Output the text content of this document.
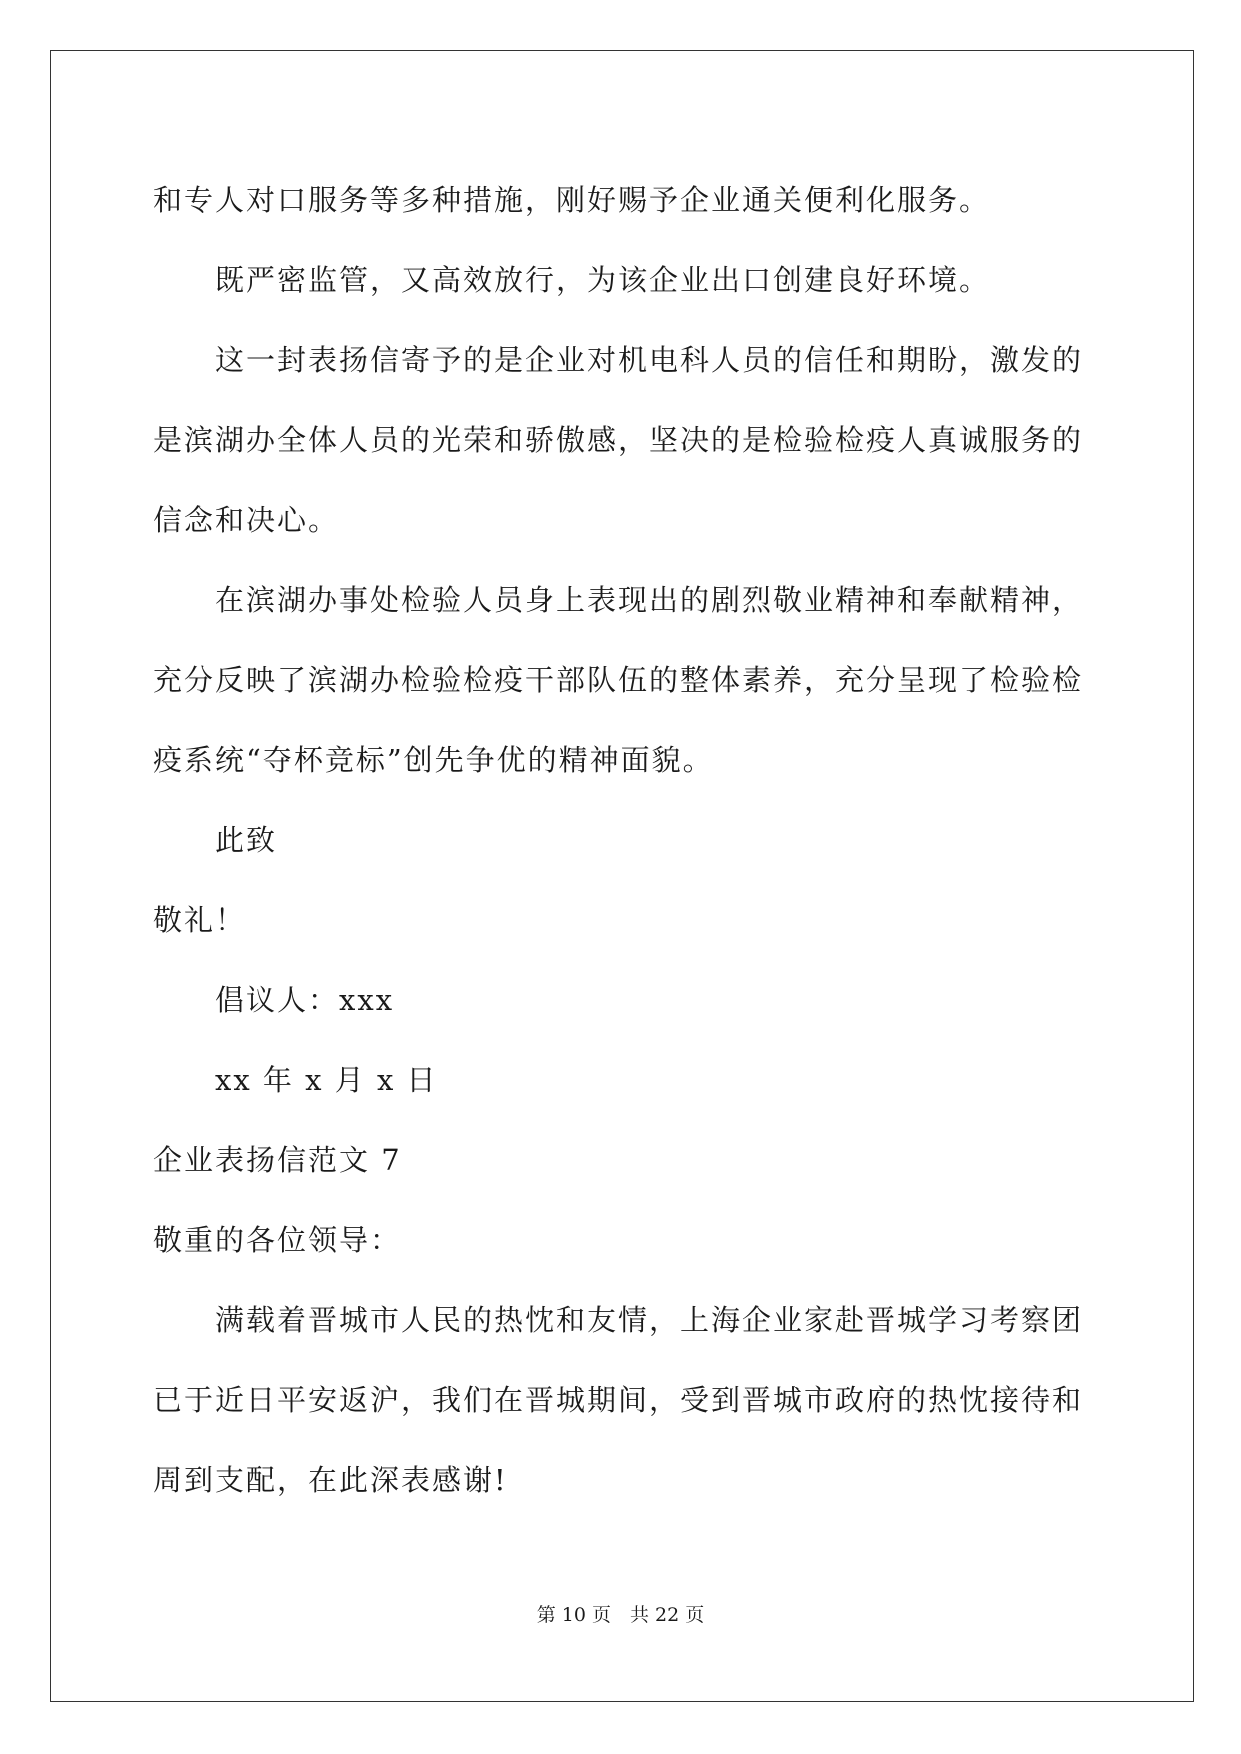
和专人对口服务等多种措施，刚好赐予企业通关便利化服务。
既严密监管，又高效放行，为该企业出口创建良好环境。
这一封表扬信寄予的是企业对机电科人员的信任和期盼，激发的
是滨湖办全体人员的光荣和骄傲感，坚决的是检验检疫人真诚服务的
信念和决心。
在滨湖办事处检验人员身上表现出的剧烈敬业精神和奉献精神，
充分反映了滨湖办检验检疫干部队伍的整体素养，充分呈现了检验检
疫系统“夺杯竞标”创先争优的精神面貌。
此致
敬礼！
倡议人：xxx
xx 年 x 月 x 日
企业表扬信范文 7
敬重的各位领导：
满载着晋城市人民的热忱和友情，上海企业家赴晋城学习考察团
已于近日平安返沪，我们在晋城期间，受到晋城市政府的热忱接待和
周到支配，在此深表感谢!
第 10 页　共 22 页
